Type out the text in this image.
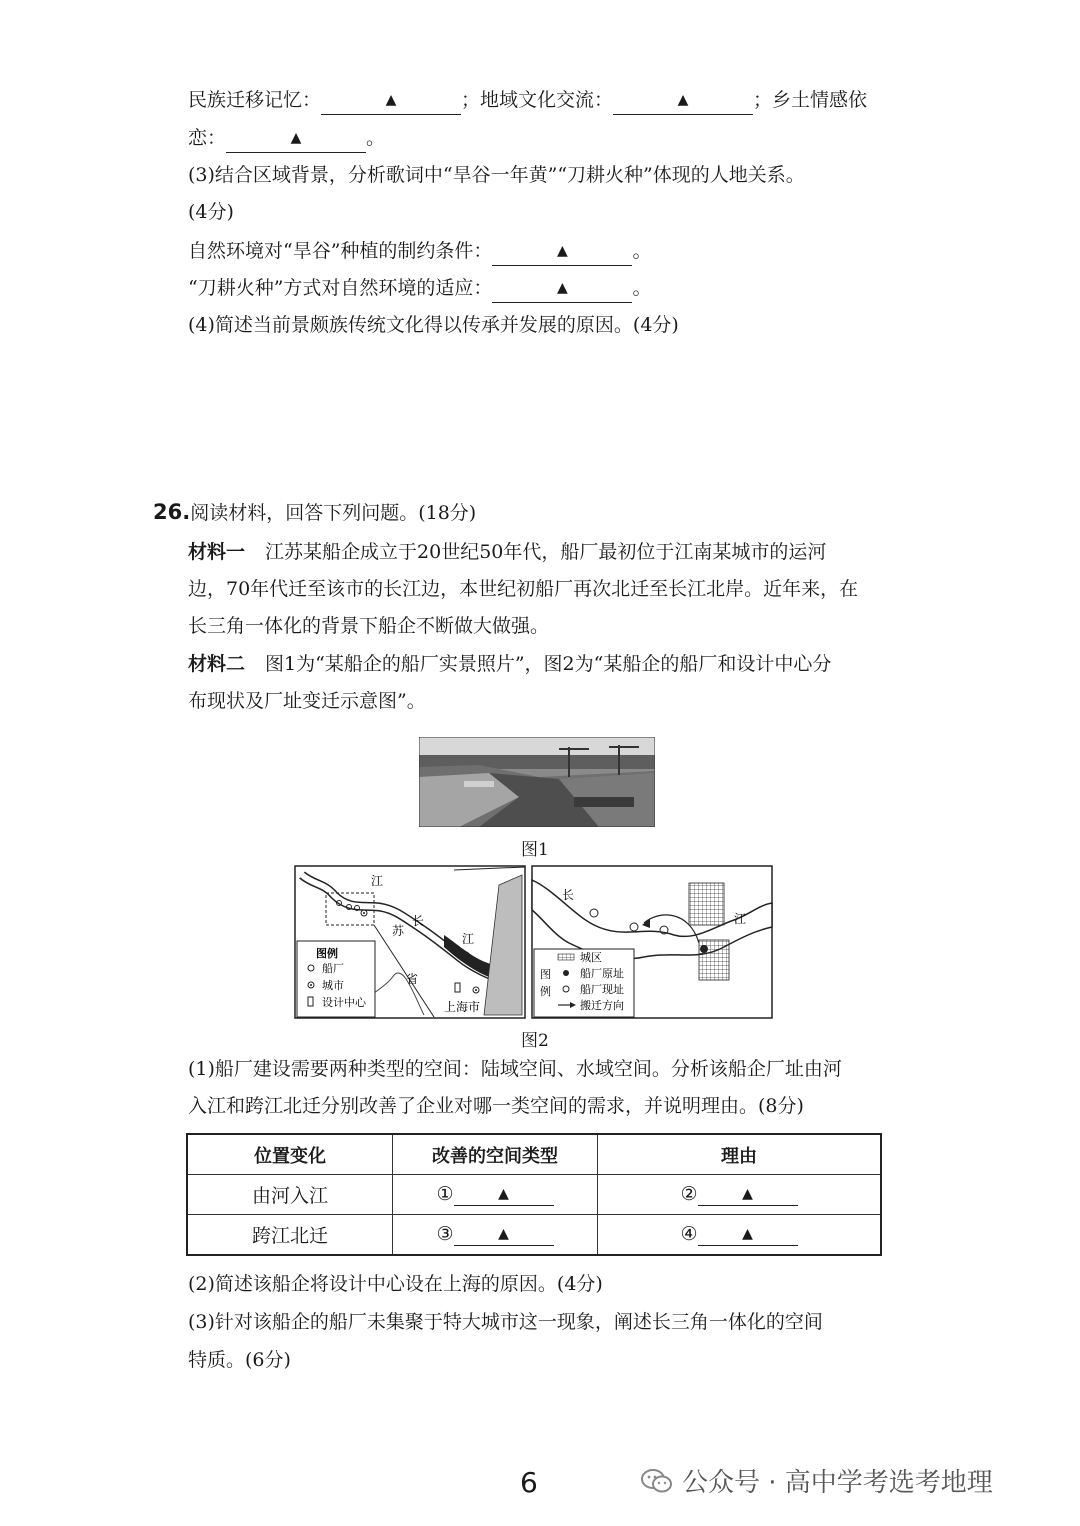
民族迁移记忆：	▲	；地域文化交流：	▲	；乡土情感依
恋：	▲	。
(3)结合区域背景，分析歌词中“旱谷一年黄”“刀耕火种”体现的人地关系。
(4分)
自然环境对“旱谷”种植的制约条件：	▲	。
“刀耕火种”方式对自然环境的适应：	▲	。
(4)简述当前景颇族传统文化得以传承并发展的原因。(4分)
26.阅读材料，回答下列问题。(18分)
材料一 江苏某船企成立于20世纪50年代，船厂最初位于江南某城市的运河
边，70年代迁至该市的长江边，本世纪初船厂再次北迁至长江北岸。近年来，在
长三角一体化的背景下船企不断做大做强。
材料二 图1为“某船企的船厂实景照片”，图2为“某船企的船厂和设计中心分
布现状及厂址变迁示意图”。
图1
江
长
江
苏
省
上海市
图例
船厂
城市
设计中心
长
江
图
例
城区
船厂原址
船厂现址
搬迁方向
图2
(1)船厂建设需要两种类型的空间：陆域空间、水域空间。分析该船企厂址由河
入江和跨江北迁分别改善了企业对哪一类空间的需求，并说明理由。(8分)
位置变化	改善的空间类型	理由
由河入江	① ▲	② ▲
跨江北迁	③ ▲	④ ▲
(2)简述该船企将设计中心设在上海的原因。(4分)
(3)针对该船企的船厂未集聚于特大城市这一现象，阐述长三角一体化的空间
特质。(6分)
6	公众号 · 高中学考选考地理
